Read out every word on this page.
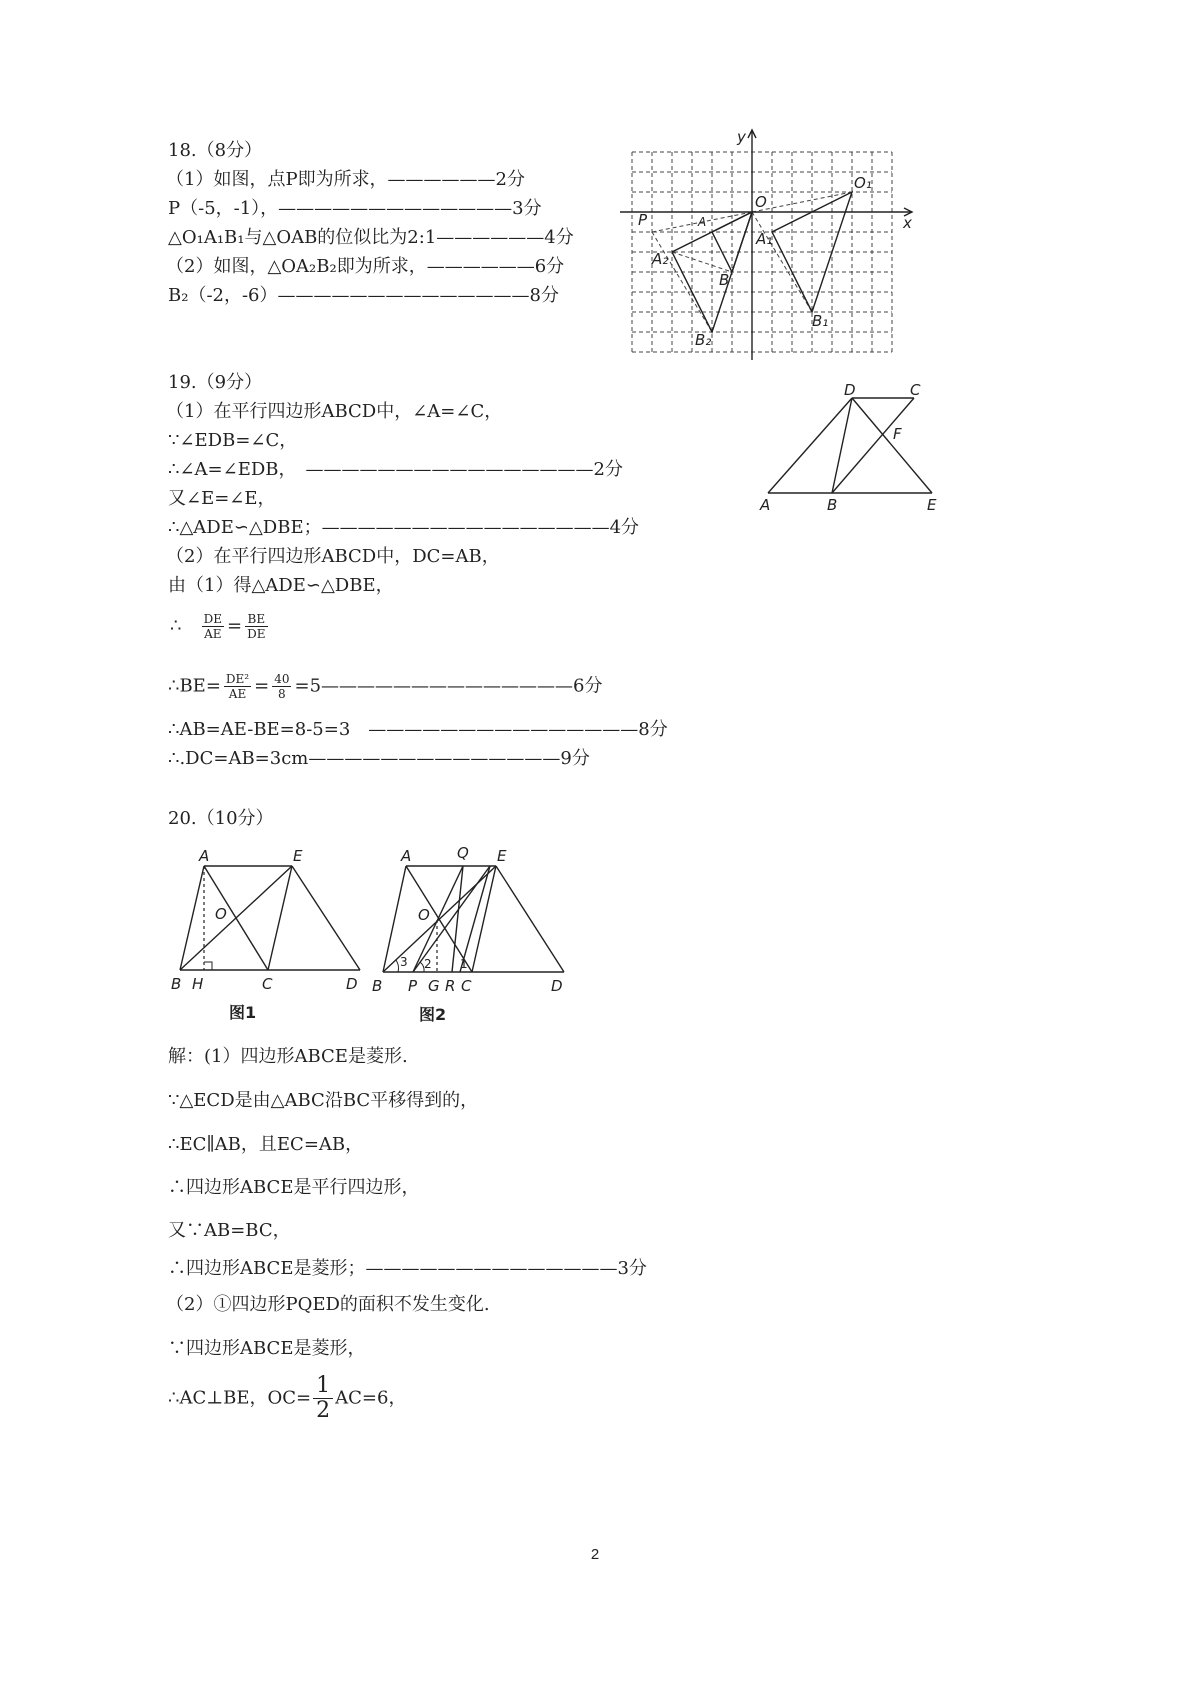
18.（8分）
（1）如图，点P即为所求，——————2分
P（-5，-1），—————————————3分
△O₁A₁B₁与△OAB的位似比为2:1——————4分
（2）如图，△OA₂B₂即为所求，——————6分
B₂（-2，-6）——————————————8分
y
x
O
O₁
P	A
A₁
A₂
B
B₁
B₂
19.（9分）
（1）在平行四边形ABCD中，∠A=∠C，
∵∠EDB=∠C，
∴∠A=∠EDB，　————————————————2分
又∠E=∠E，
∴△ADE∽△DBE；————————————————4分
（2）在平行四边形ABCD中，DC=AB，
由（1）得△ADE∽△DBE，
∴ $\frac{DE}{AE} = \frac{BE}{DE}$
∴BE= $\frac{\text{DE²}}{AE} = \frac{40}{8}$ =5——————————————6分
∴AB=AE-BE=8-5=3　———————————————8分
∴.DC=AB=3cm——————————————9分
D	C
F
A	B	E
20.（10分）
A	E
O
B H	C	D
图1
A	Q E
O
3 2 1
B P G R C	D
图2
解：(1）四边形ABCE是菱形.
∵△ECD是由△ABC沿BC平移得到的，
∴EC∥AB，且EC=AB，
∴四边形ABCE是平行四边形，
又∵AB=BC，
∴四边形ABCE是菱形；——————————————3分
（2）①四边形PQED的面积不发生变化.
∵四边形ABCE是菱形，
∴AC⊥BE，$OC= \frac{1}{2} AC=6$，
2
